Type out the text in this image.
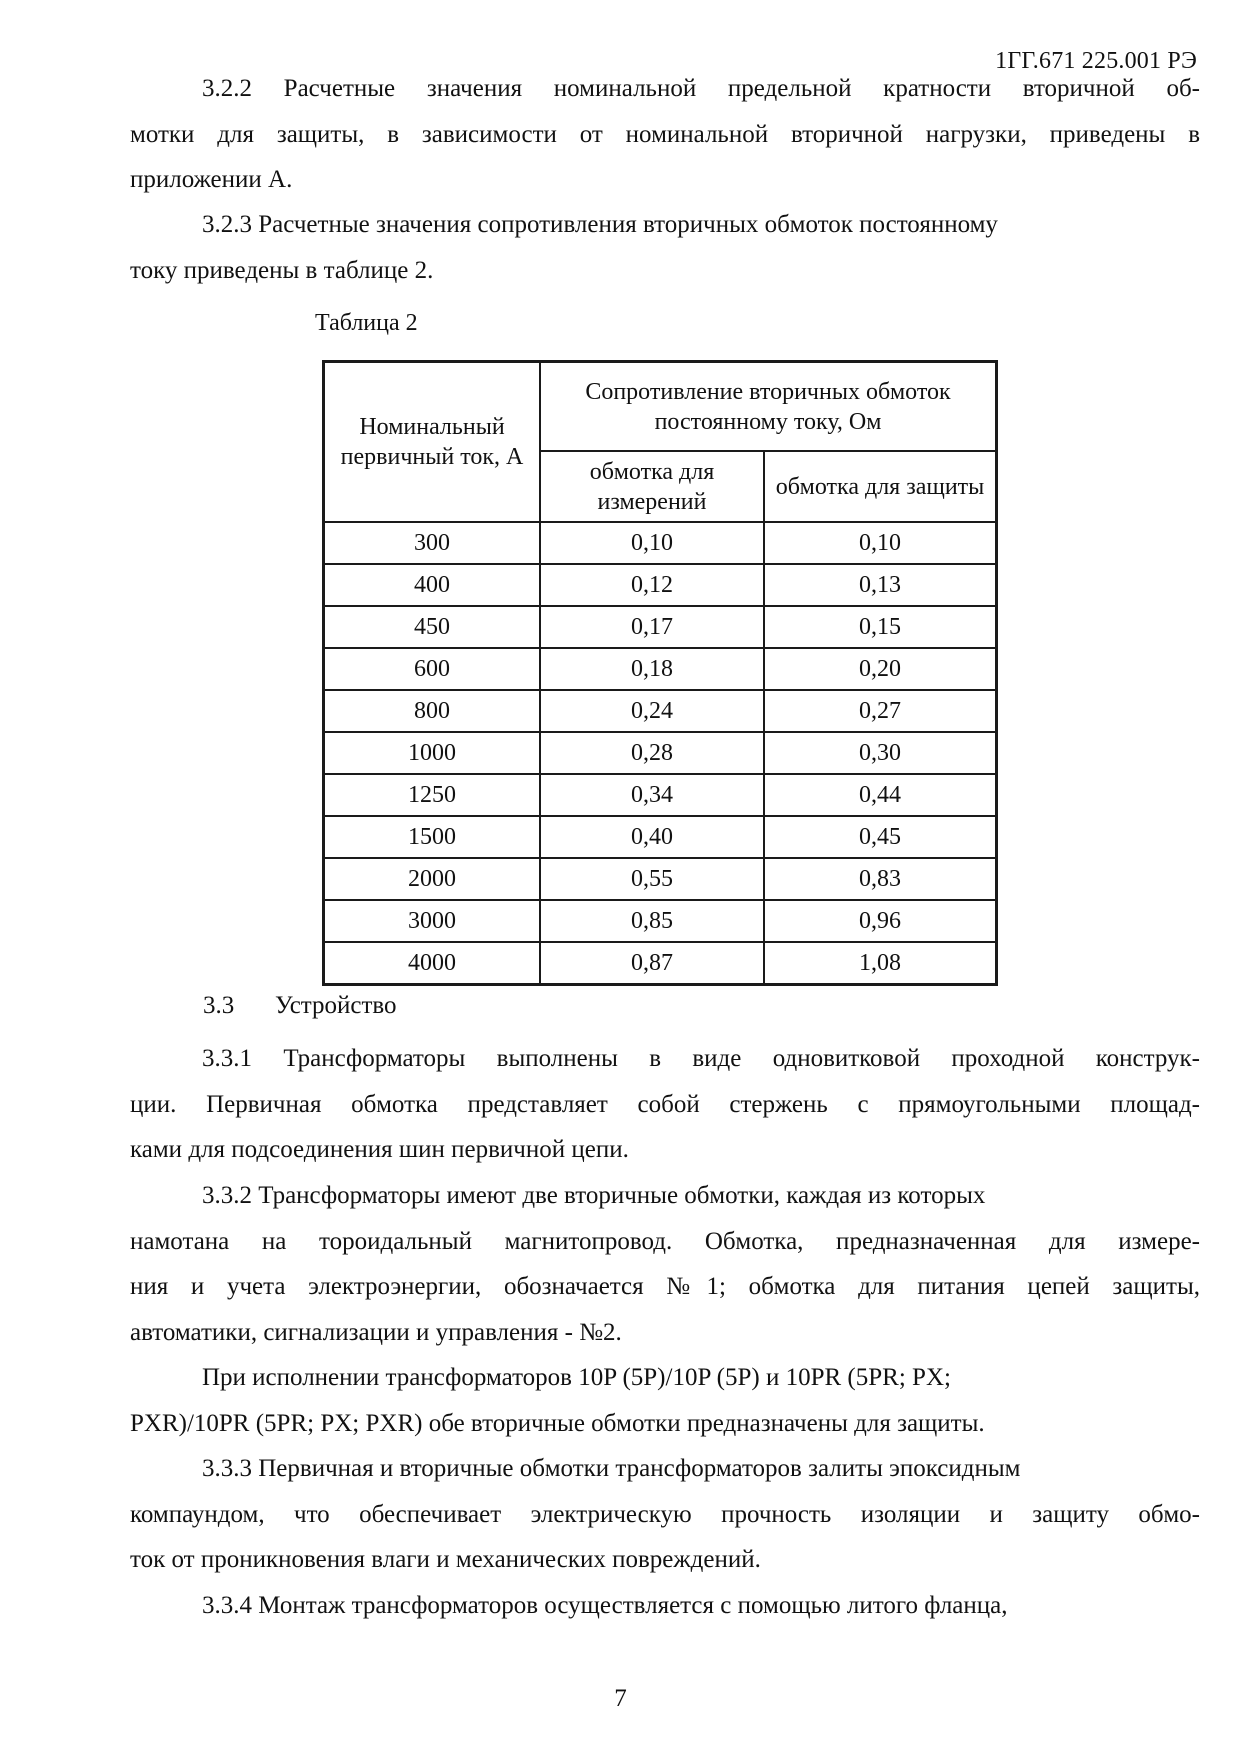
1ГГ.671 225.001 РЭ
3.2.2 Расчетные значения номинальной предельной кратности вторичной об-
мотки для защиты, в зависимости от номинальной вторичной нагрузки, приведены в
приложении А.
3.2.3 Расчетные значения сопротивления вторичных обмоток постоянному
току приведены в таблице 2.
Таблица 2
Номинальный первичный ток, А	Сопротивление вторичных обмоток постоянному току, Ом	
	обмотка для измерений	обмотка для защиты
300	0,10	0,10
400	0,12	0,13
450	0,17	0,15
600	0,18	0,20
800	0,24	0,27
1000	0,28	0,30
1250	0,34	0,44
1500	0,40	0,45
2000	0,55	0,83
3000	0,85	0,96
4000	0,87	1,08
3.3 Устройство
3.3.1 Трансформаторы выполнены в виде одновитковой проходной конструк-
ции. Первичная обмотка представляет собой стержень с прямоугольными площад-
ками для подсоединения шин первичной цепи.
3.3.2 Трансформаторы имеют две вторичные обмотки, каждая из которых
намотана на тороидальный магнитопровод. Обмотка, предназначенная для измере-
ния и учета электроэнергии, обозначается №1; обмотка для питания цепей защиты,
автоматики, сигнализации и управления - №2.
При исполнении трансформаторов 10P (5P)/10P (5P) и 10PR (5PR; PX;
PXR)/10PR (5PR; PX; PXR) обе вторичные обмотки предназначены для защиты.
3.3.3 Первичная и вторичные обмотки трансформаторов залиты эпоксидным
компаундом, что обеспечивает электрическую прочность изоляции и защиту обмо-
ток от проникновения влаги и механических повреждений.
3.3.4 Монтаж трансформаторов осуществляется с помощью литого фланца,
7
